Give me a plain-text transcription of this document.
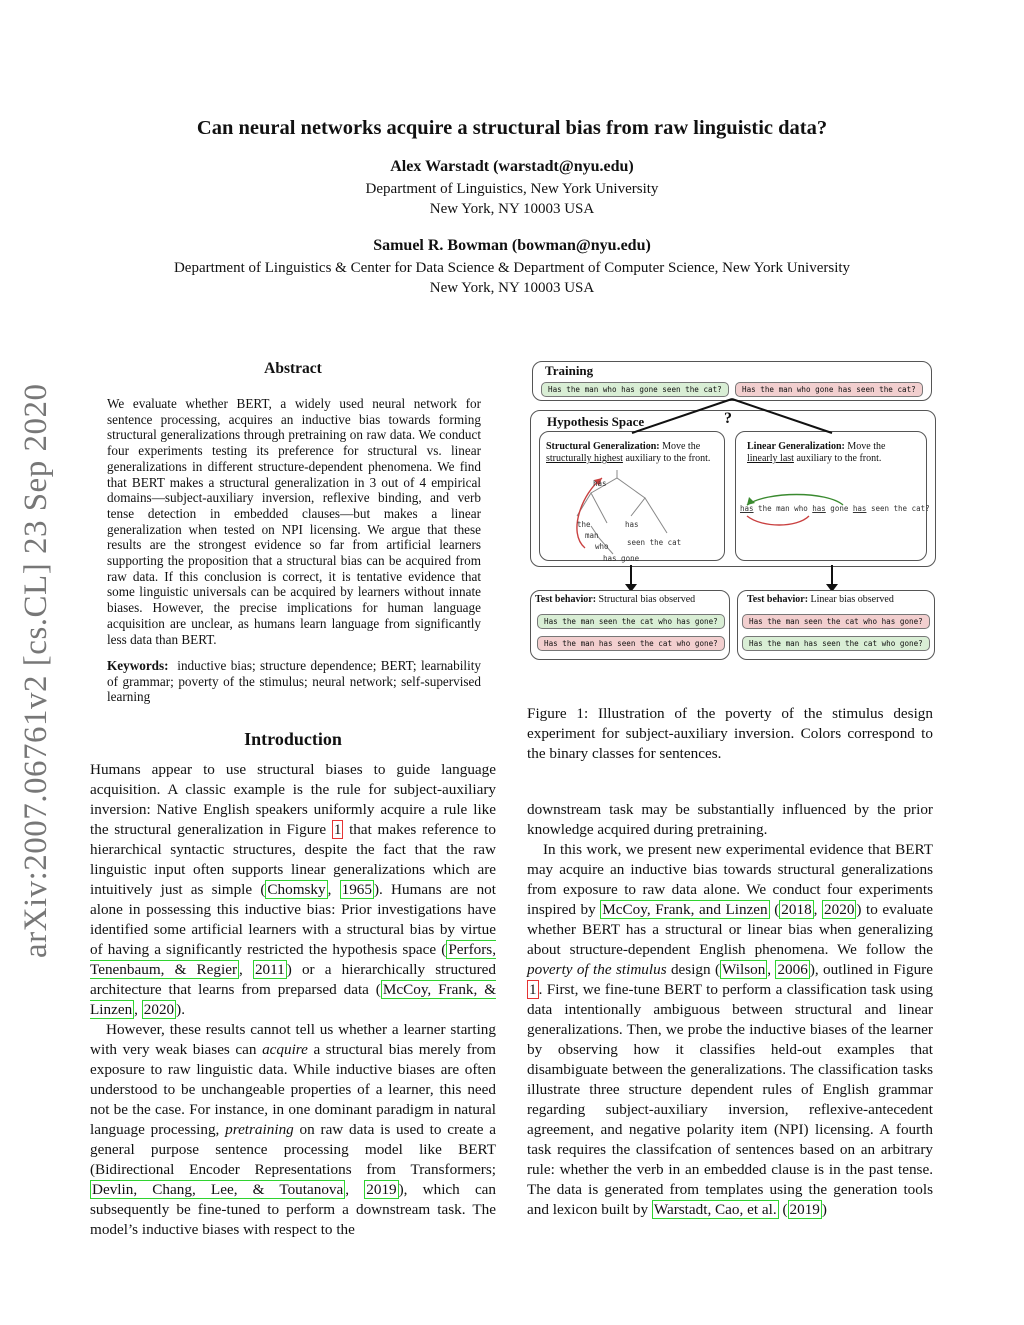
Can neural networks acquire a structural bias from raw linguistic data?
Alex Warstadt (warstadt@nyu.edu)
Department of Linguistics, New York University
New York, NY 10003 USA
Samuel R. Bowman (bowman@nyu.edu)
Department of Linguistics & Center for Data Science & Department of Computer Science, New York University
New York, NY 10003 USA
arXiv:2007.06761v2 [cs.CL] 23 Sep 2020
Abstract

We evaluate whether BERT, a widely used neural network for sentence processing, acquires an inductive bias towards forming structural generalizations through pretraining on raw data. We conduct four experiments testing its preference for structural vs. linear generalizations in different structure-dependent phenomena. We find that BERT makes a structural generalization in 3 out of 4 empirical domains—subject-auxiliary inversion, reflexive binding, and verb tense detection in embedded clauses—but makes a linear generalization when tested on NPI licensing. We argue that these results are the strongest evidence so far from artificial learners supporting the proposition that a structural bias can be acquired from raw data. If this conclusion is correct, it is tentative evidence that some linguistic universals can be acquired by learners without innate biases. However, the precise implications for human language acquisition are unclear, as humans learn language from significantly less data than BERT.

Keywords: inductive bias; structure dependence; BERT; learnability of grammar; poverty of the stimulus; neural network; self-supervised learning

Introduction

Humans appear to use structural biases to guide language acquisition. A classic example is the rule for subject-auxiliary inversion: Native English speakers uniformly acquire a rule like the structural generalization in Figure 1 that makes reference to hierarchical syntactic structures, despite the fact that the raw linguistic input often supports linear generalizations which are intuitively just as simple ( Chomsky , 1965 ). Humans are not alone in possessing this inductive bias: Prior investigations have identified some artificial learners with a structural bias by virtue of having a significantly restricted the hypothesis space ( Perfors, Tenenbaum, & Regier , 2011 ) or a hierarchically structured architecture that learns from preparsed data ( McCoy, Frank, & Linzen , 2020 ).

However, these results cannot tell us whether a learner starting with very weak biases can acquire a structural bias merely from exposure to raw linguistic data. While inductive biases are often understood to be unchangeable properties of a learner, this need not be the case. For instance, in one dominant paradigm in natural language processing, pretraining on raw data is used to create a general purpose sentence processing model like BERT (Bidirectional Encoder Representations from Transformers; Devlin, Chang, Lee, & Toutanova , 2019 ), which can subsequently be fine-tuned to perform a downstream task. The model’s inductive biases with respect to the

Training
Has the man who has gone seen the cat?	Has the man who gone has seen the cat?
Hypothesis Space	?
Structural Generalization: Move the
structurally highest auxiliary to the front.
Linear Generalization: Move the
linearly last auxiliary to the front.
has
the	has
man
who seen the cat
has gone
has the man who has gone has seen the cat?
Test behavior: Structural bias observed
Has the man seen the cat who has gone?
Has the man has seen the cat who gone?
Test behavior: Linear bias observed
Has the man seen the cat who has gone?
Has the man has seen the cat who gone?

Figure 1: Illustration of the poverty of the stimulus design experiment for subject-auxiliary inversion. Colors correspond to the binary classes for sentences.

downstream task may be substantially influenced by the prior knowledge acquired during pretraining.

In this work, we present new experimental evidence that BERT may acquire an inductive bias towards structural generalizations from exposure to raw data alone. We conduct four experiments inspired by McCoy, Frank, and Linzen ( 2018 , 2020 ) to evaluate whether BERT has a structural or linear bias when generalizing about structure-dependent English phenomena. We follow the poverty of the stimulus design ( Wilson , 2006 ), outlined in Figure 1 . First, we fine-tune BERT to perform a classification task using data intentionally ambiguous between structural and linear generalizations. Then, we probe the inductive biases of the learner by observing how it classifies held-out examples that disambiguate between the generalizations. The classification tasks illustrate three structure dependent rules of English grammar regarding subject-auxiliary inversion, reflexive-antecedent agreement, and negative polarity item (NPI) licensing. A fourth task requires the classifcation of sentences based on an arbitrary rule: whether the verb in an embedded clause is in the past tense. The data is generated from templates using the generation tools and lexicon built by Warstadt, Cao, et al. ( 2019 )
